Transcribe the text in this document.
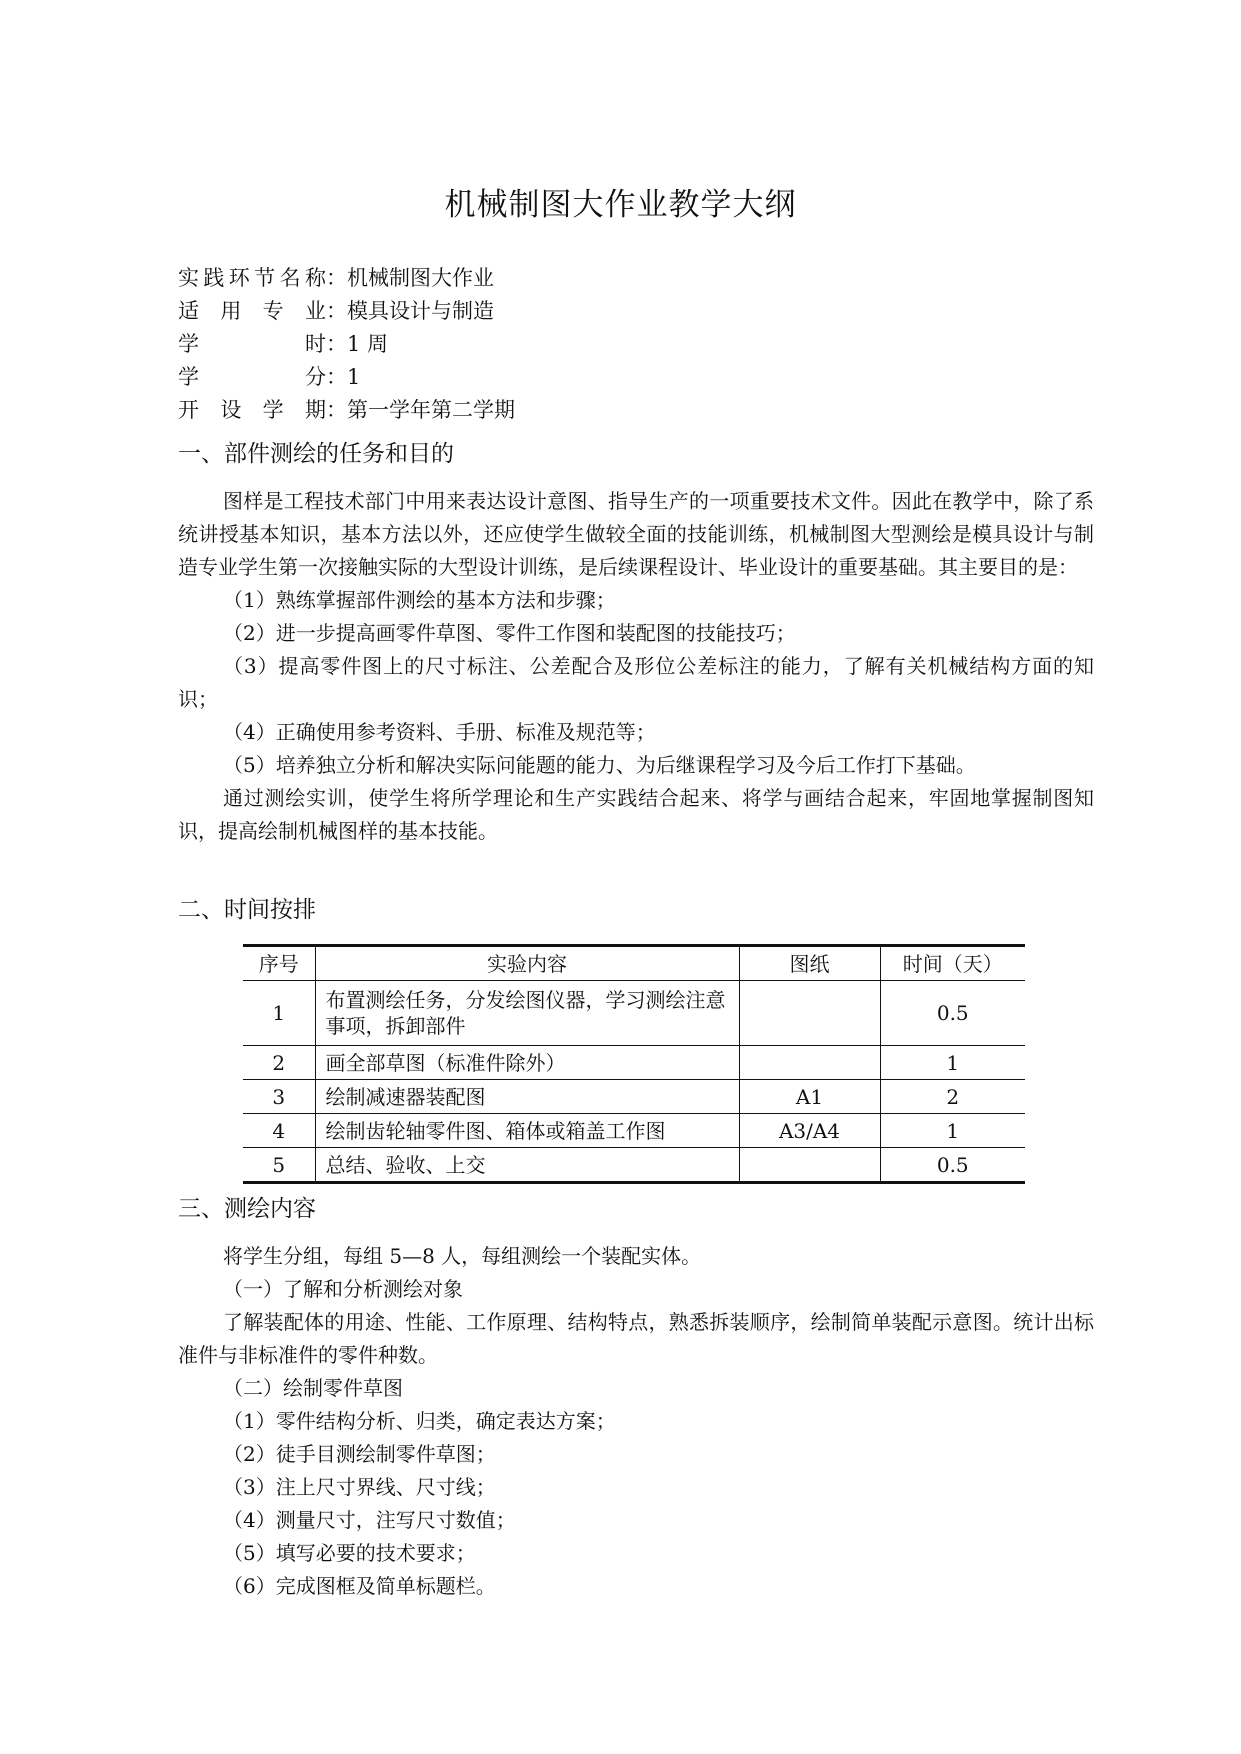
机械制图大作业教学大纲
实 践 环 节 名 称 ： 机械制图大作业
适 用 专 业 ： 模具设计与制造
学	时 ： 1 周
学	分 ： 1
开 设 学 期 ： 第一学年第二学期
一、部件测绘的任务和目的

图样是工程技术部门中用来表达设计意图、指导生产的一项重要技术文件。因此在教学中，除了系统讲授基本知识，基本方法以外，还应使学生做较全面的技能训练，机械制图大型测绘是模具设计与制造专业学生第一次接触实际的大型设计训练，是后续课程设计、毕业设计的重要基础。其主要目的是：

（1）熟练掌握部件测绘的基本方法和步骤；

（2）进一步提高画零件草图、零件工作图和装配图的技能技巧；

（3）提高零件图上的尺寸标注、公差配合及形位公差标注的能力，了解有关机械结构方面的知识；

（4）正确使用参考资料、手册、标准及规范等；

（5）培养独立分析和解决实际问能题的能力、为后继课程学习及今后工作打下基础。

通过测绘实训，使学生将所学理论和生产实践结合起来、将学与画结合起来，牢固地掌握制图知识，提高绘制机械图样的基本技能。

二、时间按排
序号	实验内容	图纸	时间（天）
1	布置测绘任务，分发绘图仪器，学习测绘注意事项，拆卸部件		0.5
2	画全部草图（标准件除外）		1
3	绘制减速器装配图	A1	2
4	绘制齿轮轴零件图、箱体或箱盖工作图	A3/A4	1
5	总结、验收、上交		0.5
三、测绘内容

将学生分组，每组 5—8 人，每组测绘一个装配实体。

（一）了解和分析测绘对象

了解装配体的用途、性能、工作原理、结构特点，熟悉拆装顺序，绘制简单装配示意图。统计出标准件与非标准件的零件种数。

（二）绘制零件草图

（1）零件结构分析、归类，确定表达方案；

（2）徒手目测绘制零件草图；

（3）注上尺寸界线、尺寸线；

（4）测量尺寸，注写尺寸数值；

（5）填写必要的技术要求；

（6）完成图框及简单标题栏。
